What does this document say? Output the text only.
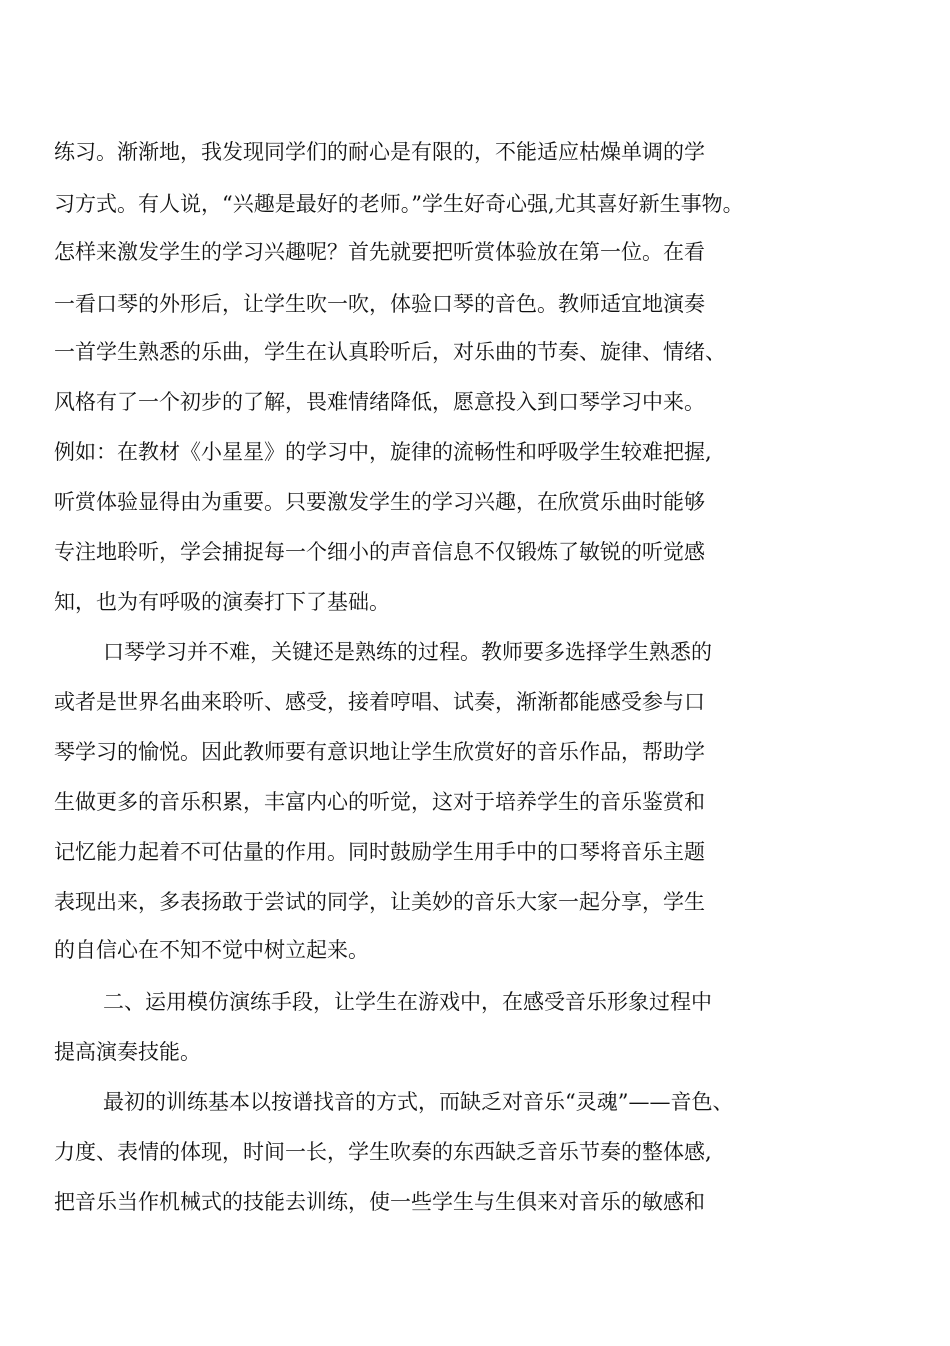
练习。渐渐地，我发现同学们的耐心是有限的，不能适应枯燥单调的学
习方式。有人说，“兴趣是最好的老师。”学生好奇心强,尤其喜好新生事物。
怎样来激发学生的学习兴趣呢？首先就要把听赏体验放在第一位。在看
一看口琴的外形后，让学生吹一吹，体验口琴的音色。教师适宜地演奏
一首学生熟悉的乐曲，学生在认真聆听后，对乐曲的节奏、旋律、情绪、
风格有了一个初步的了解，畏难情绪降低，愿意投入到口琴学习中来。
例如：在教材《小星星》的学习中，旋律的流畅性和呼吸学生较难把握,
听赏体验显得由为重要。只要激发学生的学习兴趣，在欣赏乐曲时能够
专注地聆听，学会捕捉每一个细小的声音信息不仅锻炼了敏锐的听觉感
知，也为有呼吸的演奏打下了基础。
口琴学习并不难，关键还是熟练的过程。教师要多选择学生熟悉的
或者是世界名曲来聆听、感受，接着哼唱、试奏，渐渐都能感受参与口
琴学习的愉悦。因此教师要有意识地让学生欣赏好的音乐作品，帮助学
生做更多的音乐积累，丰富内心的听觉，这对于培养学生的音乐鉴赏和
记忆能力起着不可估量的作用。同时鼓励学生用手中的口琴将音乐主题
表现出来，多表扬敢于尝试的同学，让美妙的音乐大家一起分享，学生
的自信心在不知不觉中树立起来。
二、运用模仿演练手段，让学生在游戏中，在感受音乐形象过程中
提高演奏技能。
最初的训练基本以按谱找音的方式，而缺乏对音乐“灵魂”——音色、
力度、表情的体现，时间一长，学生吹奏的东西缺乏音乐节奏的整体感,
把音乐当作机械式的技能去训练，使一些学生与生俱来对音乐的敏感和
